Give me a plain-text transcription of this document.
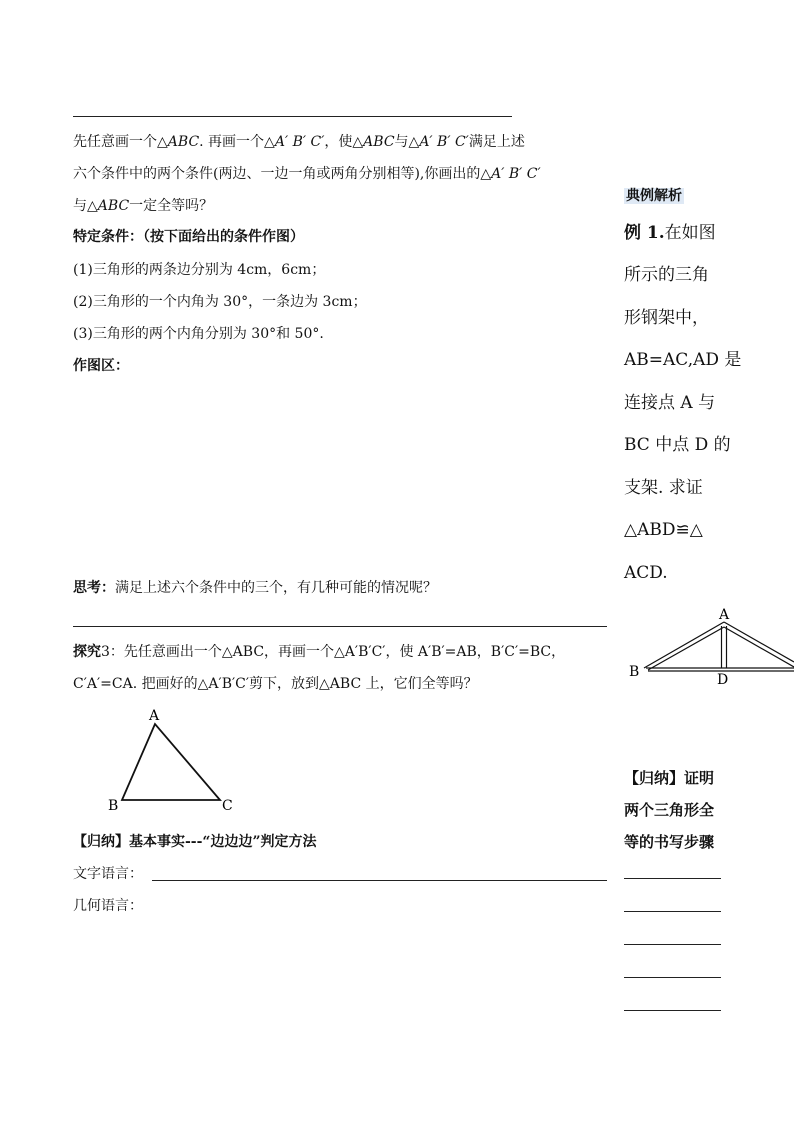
先任意画一个△ABC. 再画一个△A′ B′ C′，使△ABC与△A′ B′ C′满足上述
六个条件中的两个条件(两边、一边一角或两角分别相等),你画出的△A′ B′ C′
与△ABC一定全等吗？
特定条件：（按下面给出的条件作图）
(1)三角形的两条边分别为 4cm，6cm；
(2)三角形的一个内角为 30°，一条边为 3cm；
(3)三角形的两个内角分别为 30°和 50°.
作图区：
思考：满足上述六个条件中的三个，有几种可能的情况呢？
探究3：先任意画出一个△ABC，再画一个△A′B′C′，使 A′B′=AB，B′C′=BC，
C′A′=CA. 把画好的△A′B′C′剪下，放到△ABC 上，它们全等吗？
A
B	C
【归纳】基本事实---“边边边”判定方法
文字语言：
几何语言：
典例解析
例 1.在如图
所示的三角
形钢架中，
AB=AC,AD 是
连接点 A 与
BC 中点 D 的
支架. 求证
△ABD≌△
ACD.
A
B	D
【归纳】证明
两个三角形全
等的书写步骤
